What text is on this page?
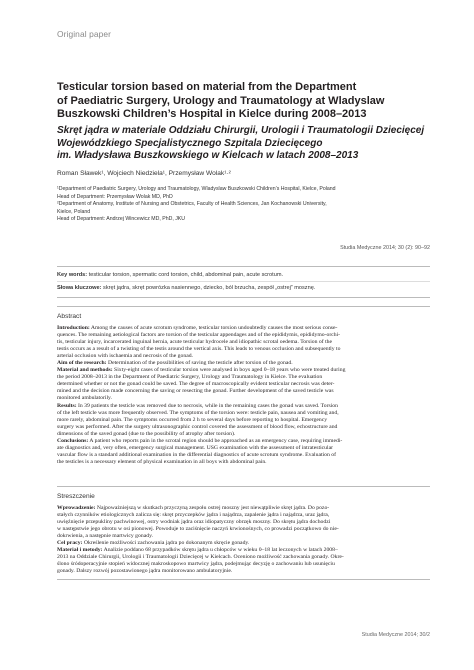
Original paper
Testicular torsion based on material from the Department
of Paediatric Surgery, Urology and Traumatology at Wladyslaw
Buszkowski Children’s Hospital in Kielce during 2008–2013
Skręt jądra w materiale Oddziału Chirurgii, Urologii i Traumatologii Dziecięcej
Wojewódzkiego Specjalistycznego Szpitala Dziecięcego
im. Władysława Buszkowskiego w Kielcach w latach 2008–2013
Roman Sławek¹, Wojciech Niedziela¹, Przemysław Wolak¹·²
¹Department of Paediatric Surgery, Urology and Traumatology, Wladyslaw Buszkowski Children’s Hospital, Kielce, Poland
Head of Department: Przemysław Wolak MD, PhD
²Department of Anatomy, Institute of Nursing and Obstetrics, Faculty of Health Sciences, Jan Kochanowski University,
Kielce, Poland
Head of Department: Andrzej Wincewicz MD, PhD, JKU
Studia Medyczne 2014; 30 (2): 90–92
Key words: testicular torsion, spermatic cord torsion, child, abdominal pain, acute scrotum.
Słowa kluczowe: skręt jądra, skręt powrózka nasiennego, dziecko, ból brzucha, zespół „ostrej” mosznę.
Abstract
Introduction: Among the causes of acute scrotum syndrome, testicular torsion undoubtedly causes the most serious conse-
quences. The remaining aetiological factors are torsion of the testicular appendages and of the epididymis, epididymo-orchi-
tis, testicular injury, incarcerated inguinal hernia, acute testicular hydrocele and idiopathic scrotal oedema. Torsion of the
testis occurs as a result of a twisting of the testis around the vertical axis. This leads to venous occlusion and subsequently to
arterial occlusion with ischaemia and necrosis of the gonad.
Aim of the research: Determination of the possibilities of saving the testicle after torsion of the gonad.
Material and methods: Sixty-eight cases of testicular torsion were analysed in boys aged 0–18 years who were treated during
the period 2008–2013 in the Department of Paediatric Surgery, Urology and Traumatology in Kielce. The evaluation
determined whether or not the gonad could be saved. The degree of macroscopically evident testicular necrosis was deter-
mined and the decision made concerning the saving or resecting the gonad. Further development of the saved testicle was
monitored ambulatorily.
Results: In 39 patients the testicle was removed due to necrosis, while in the remaining cases the gonad was saved. Torsion
of the left testicle was more frequently observed. The symptoms of the torsion were: testicle pain, nausea and vomiting and,
more rarely, abdominal pain. The symptoms occurred from 2 h to several days before reporting to hospital. Emergency
surgery was performed. After the surgery ultrasonographic control covered the assessment of blood flow, echostructure and
dimensions of the saved gonad (due to the possibility of atrophy after torsion).
Conclusions: A patient who reports pain in the scrotal region should be approached as an emergency case, requiring immedi-
ate diagnostics and, very often, emergency surgical management. USG examination with the assessment of intratesticular
vascular flow is a standard additional examination in the differential diagnostics of acute scrotum syndrome. Evaluation of
the testicles is a necessary element of physical examination in all boys with abdominal pain.
Streszczenie
Wprowadzenie: Najpoważniejszą w skutkach przyczyną zespołu ostrej moszny jest niewątpliwie skręt jądra. Do pozo-
stałych czynników etiologicznych zalicza się: skręt przyczepków jądra i najądrza, zapalenie jądra i najądrza, uraz jądra,
uwięźnięcie przepukliny pachwinowej, ostry wodniak jądra oraz idiopatyczny obrzęk moszny. Do skrętu jądra dochodzi
w następstwie jego obrotu w osi pionowej. Powoduje to zaciśnięcie naczyń krwionośnych, co prowadzi początkowo do nie-
dokrwienia, a następnie martwicy gonady.
Cel pracy: Określenie możliwości zachowania jądra po dokonanym skręcie gonady.
Materiał i metody: Analizie poddano 68 przypadków skrętu jądra u chłopców w wieku 0–18 lat leczonych w latach 2008–
2013 na Oddziale Chirurgii, Urologii i Traumatologii Dziecięcej w Kielcach. Oceniono możliwość zachowania gonady. Okre-
ślono śródoperacyjnie stopień widocznej makroskopowo martwicy jądra, podejmując decyzję o zachowaniu lub usunięciu
gonady. Dalszy rozwój pozostawionego jądra monitorowano ambulatoryjnie.
Studia Medyczne 2014; 30/2
